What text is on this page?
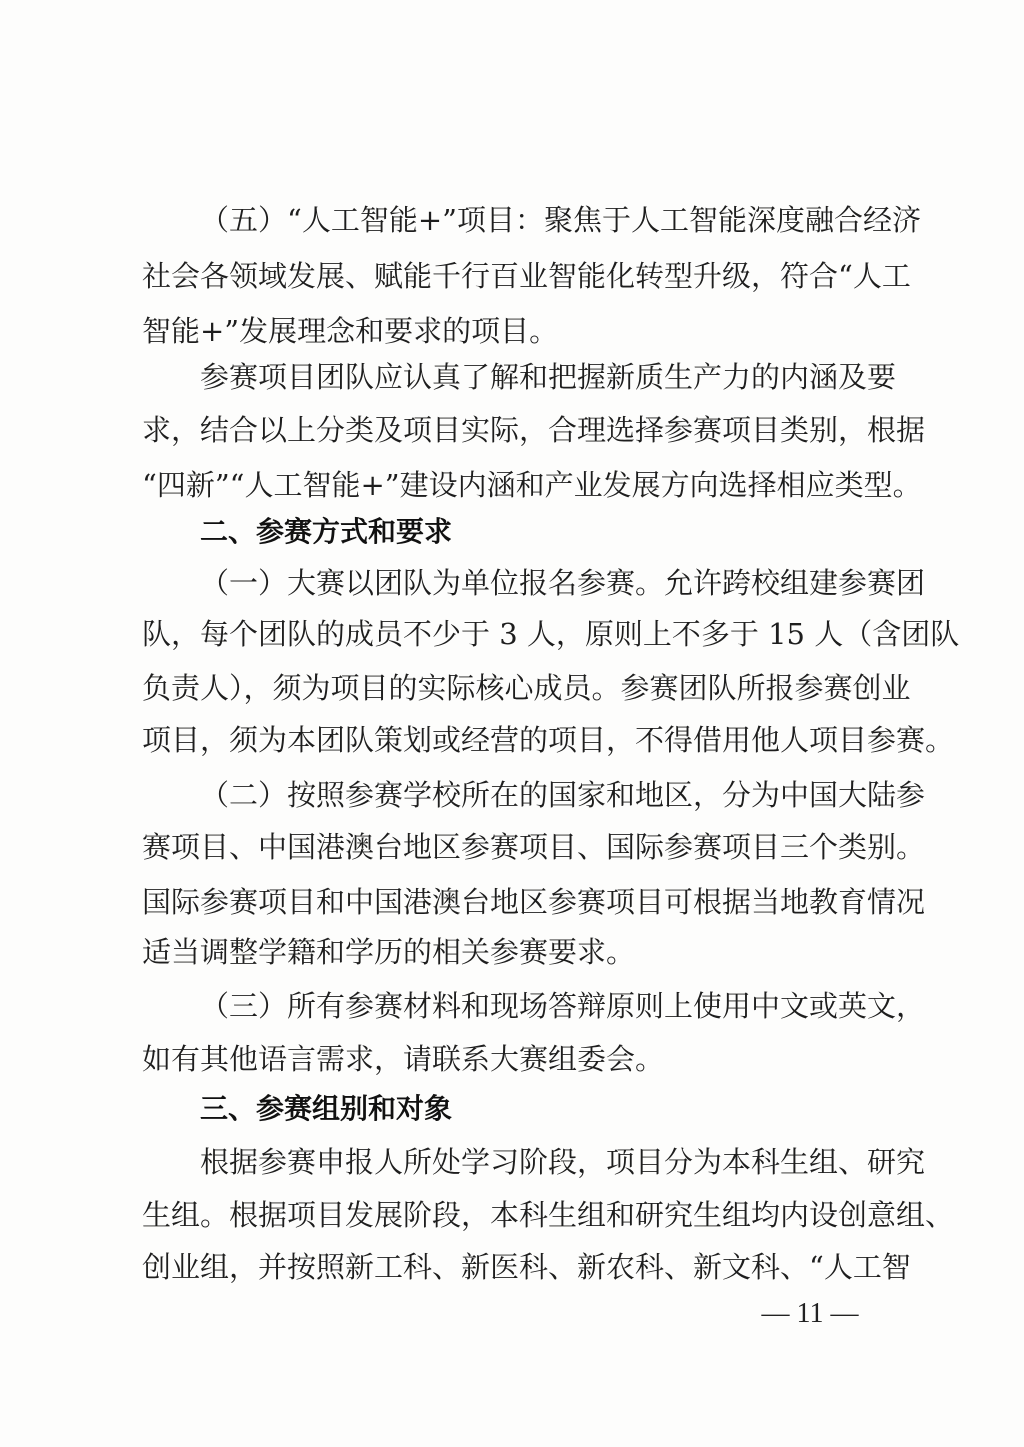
（五）“人工智能+”项目：聚焦于人工智能深度融合经济
社会各领域发展、赋能千行百业智能化转型升级，符合“人工
智能+”发展理念和要求的项目。
参赛项目团队应认真了解和把握新质生产力的内涵及要
求，结合以上分类及项目实际，合理选择参赛项目类别，根据
“四新”“人工智能+”建设内涵和产业发展方向选择相应类型。
二、参赛方式和要求
（一）大赛以团队为单位报名参赛。允许跨校组建参赛团
队，每个团队的成员不少于 3 人，原则上不多于 15 人（含团队
负责人），须为项目的实际核心成员。参赛团队所报参赛创业
项目，须为本团队策划或经营的项目，不得借用他人项目参赛。
（二）按照参赛学校所在的国家和地区，分为中国大陆参
赛项目、中国港澳台地区参赛项目、国际参赛项目三个类别。
国际参赛项目和中国港澳台地区参赛项目可根据当地教育情况
适当调整学籍和学历的相关参赛要求。
（三）所有参赛材料和现场答辩原则上使用中文或英文，
如有其他语言需求，请联系大赛组委会。
三、参赛组别和对象
根据参赛申报人所处学习阶段，项目分为本科生组、研究
生组。根据项目发展阶段，本科生组和研究生组均内设创意组、
创业组，并按照新工科、新医科、新农科、新文科、“人工智
— 11 —
